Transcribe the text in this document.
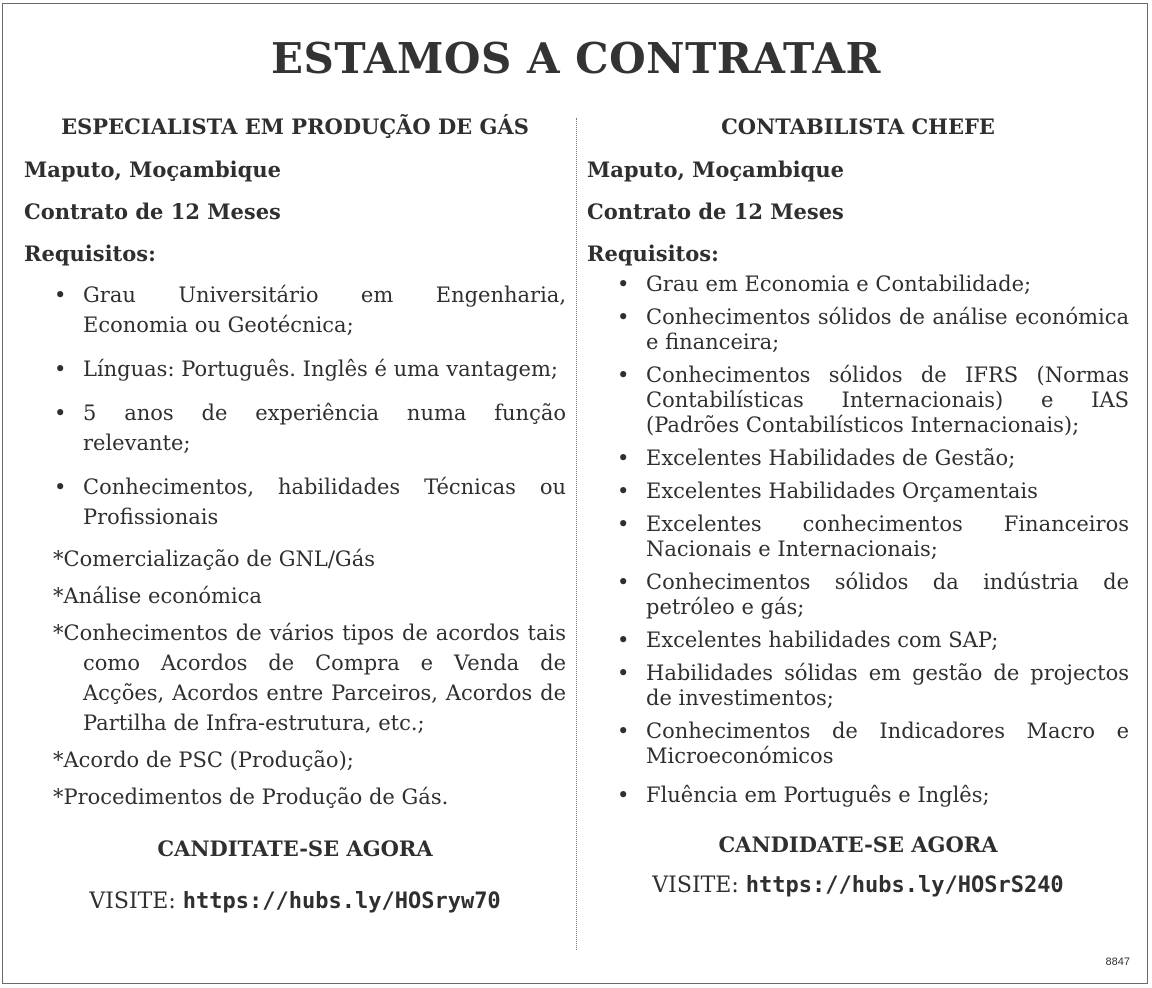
ESTAMOS A CONTRATAR
ESPECIALISTA EM PRODUÇÃO DE GÁS
Maputo, Moçambique
Contrato de 12 Meses
Requisitos:
• Grau Universitário em Engenharia, Economia ou Geotécnica;
• Línguas: Português. Inglês é uma vantagem;
• 5 anos de experiência numa função relevante;
• Conhecimentos, habilidades Técnicas ou Profissionais
*Comercialização de GNL/Gás
*Análise económica
*Conhecimentos de vários tipos de acordos tais como Acordos de Compra e Venda de Acções, Acordos entre Parceiros, Acordos de Partilha de Infra-estrutura, etc.;
*Acordo de PSC (Produção);
*Procedimentos de Produção de Gás.
CANDITATE-SE AGORA
VISITE: https://hubs.ly/HOSryw70
CONTABILISTA CHEFE
Maputo, Moçambique
Contrato de 12 Meses
Requisitos:
• Grau em Economia e Contabilidade;
• Conhecimentos sólidos de análise económica e financeira;
• Conhecimentos sólidos de IFRS (Normas Contabilísticas Internacionais) e IAS (Padrões Contabilísticos Internacionais);
• Excelentes Habilidades de Gestão;
• Excelentes Habilidades Orçamentais
• Excelentes conhecimentos Financeiros Nacionais e Internacionais;
• Conhecimentos sólidos da indústria de petróleo e gás;
• Excelentes habilidades com SAP;
• Habilidades sólidas em gestão de projectos de investimentos;
• Conhecimentos de Indicadores Macro e Microeconómicos
• Fluência em Português e Inglês;
CANDIDATE-SE AGORA
VISITE: https://hubs.ly/HOSrS240
8847
